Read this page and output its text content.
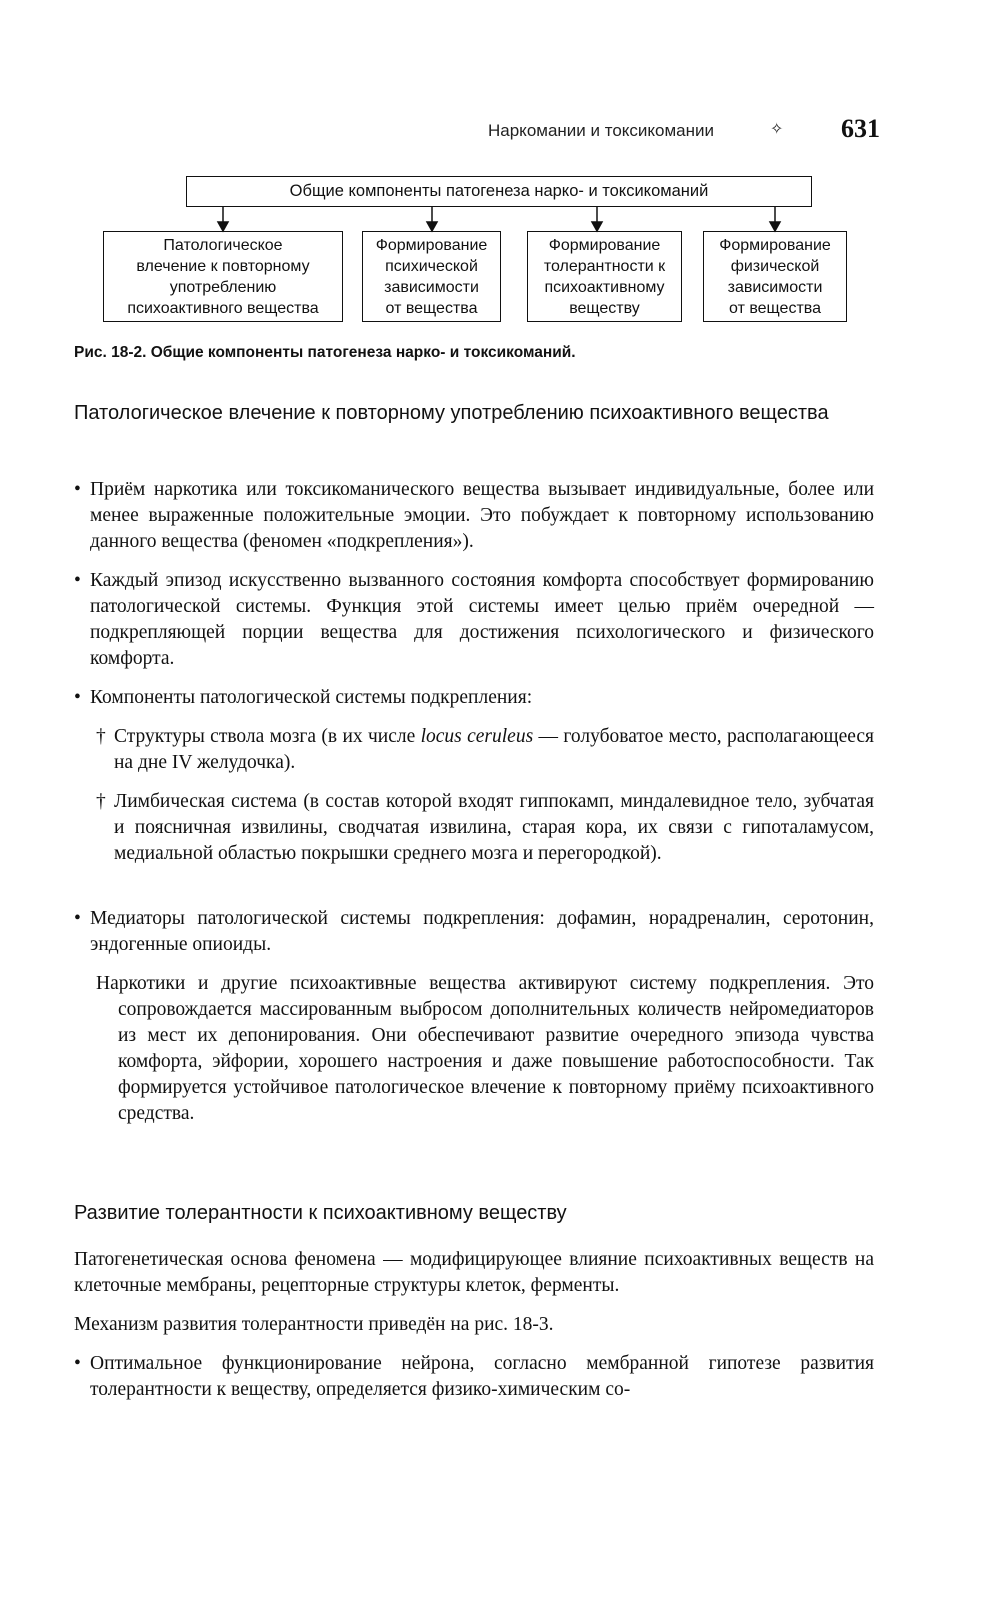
Наркомании и токсикомании	✧ 631
Общие компоненты патогенеза нарко- и токсикоманий
Патологическое
влечение к повторному
употреблению
психоактивного вещества
Формирование
психической
зависимости
от вещества
Формирование
толерантности к
психоактивному
веществу
Формирование
физической
зависимости
от вещества
Рис. 18-2. Общие компоненты патогенеза нарко- и токсикоманий.
Патологическое влечение к повторному употреблению психоактивного вещества
• Приём наркотика или токсикоманического вещества вызывает индивидуальные, более или менее выраженные положительные эмоции. Это побуждает к повторному использованию данного вещества (феномен «подкрепления»).
• Каждый эпизод искусственно вызванного состояния комфорта способствует формированию патологической системы. Функция этой системы имеет целью приём очередной — подкрепляющей порции вещества для достижения психологического и физического комфорта.
• Компоненты патологической системы подкрепления:
† Структуры ствола мозга (в их числе locus ceruleus — голубоватое место, располагающееся на дне IV желудочка).
† Лимбическая система (в состав которой входят гиппокамп, миндалевидное тело, зубчатая и поясничная извилины, сводчатая извилина, старая кора, их связи с гипоталамусом, медиальной областью покрышки среднего мозга и перегородкой).
• Медиаторы патологической системы подкрепления: дофамин, норадреналин, серотонин, эндогенные опиоиды.
Наркотики и другие психоактивные вещества активируют систему подкрепления. Это сопровождается массированным выбросом дополнительных количеств нейромедиаторов из мест их депонирования. Они обеспечивают развитие очередного эпизода чувства комфорта, эйфории, хорошего настроения и даже повышение работоспособности. Так формируется устойчивое патологическое влечение к повторному приёму психоактивного средства.
Развитие толерантности к психоактивному веществу
Патогенетическая основа феномена — модифицирующее влияние психоактивных веществ на клеточные мембраны, рецепторные структуры клеток, ферменты.
Механизм развития толерантности приведён на рис. 18-3.
• Оптимальное функционирование нейрона, согласно мембранной гипотезе развития толерантности к веществу, определяется физико-химическим со-
